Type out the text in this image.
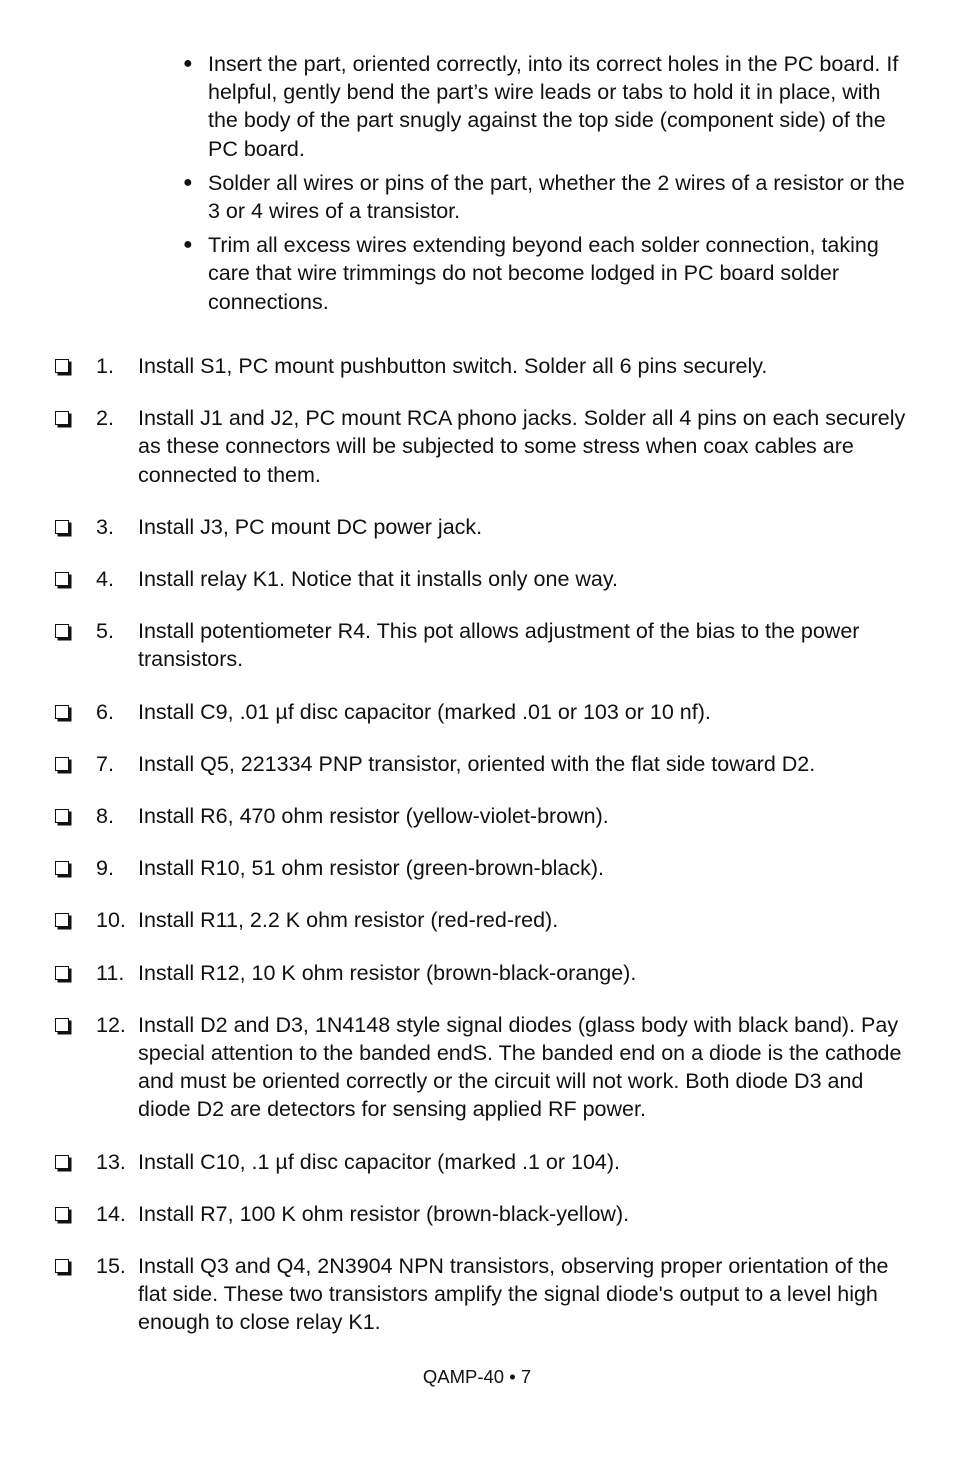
● Insert the part, oriented correctly, into its correct holes in the PC board. If helpful, gently bend the part’s wire leads or tabs to hold it in place, with the body of the part snugly against the top side (component side) of the PC board.
● Solder all wires or pins of the part, whether the 2 wires of a resistor or the 3 or 4 wires of a transistor.
● Trim all excess wires extending beyond each solder connection, taking care that wire trimmings do not become lodged in PC board solder connections.
1. Install S1, PC mount pushbutton switch. Solder all 6 pins securely.
2. Install J1 and J2, PC mount RCA phono jacks. Solder all 4 pins on each securely as these connectors will be subjected to some stress when coax cables are connected to them.
3. Install J3, PC mount DC power jack.
4. Install relay K1. Notice that it installs only one way.
5. Install potentiometer R4. This pot allows adjustment of the bias to the power transistors.
6. Install C9, .01 µf disc capacitor (marked .01 or 103 or 10 nf).
7. Install Q5, 221334 PNP transistor, oriented with the flat side toward D2.
8. Install R6, 470 ohm resistor (yellow-violet-brown).
9. Install R10, 51 ohm resistor (green-brown-black).
10. Install R11, 2.2 K ohm resistor (red-red-red).
11. Install R12, 10 K ohm resistor (brown-black-orange).
12. Install D2 and D3, 1N4148 style signal diodes (glass body with black band). Pay special attention to the banded endS. The banded end on a diode is the cathode and must be oriented correctly or the circuit will not work. Both diode D3 and diode D2 are detectors for sensing applied RF power.
13. Install C10, .1 µf disc capacitor (marked .1 or 104).
14. Install R7, 100 K ohm resistor (brown-black-yellow).
15. Install Q3 and Q4, 2N3904 NPN transistors, observing proper orientation of the flat side. These two transistors amplify the signal diode's output to a level high enough to close relay K1.
QAMP-40 • 7
